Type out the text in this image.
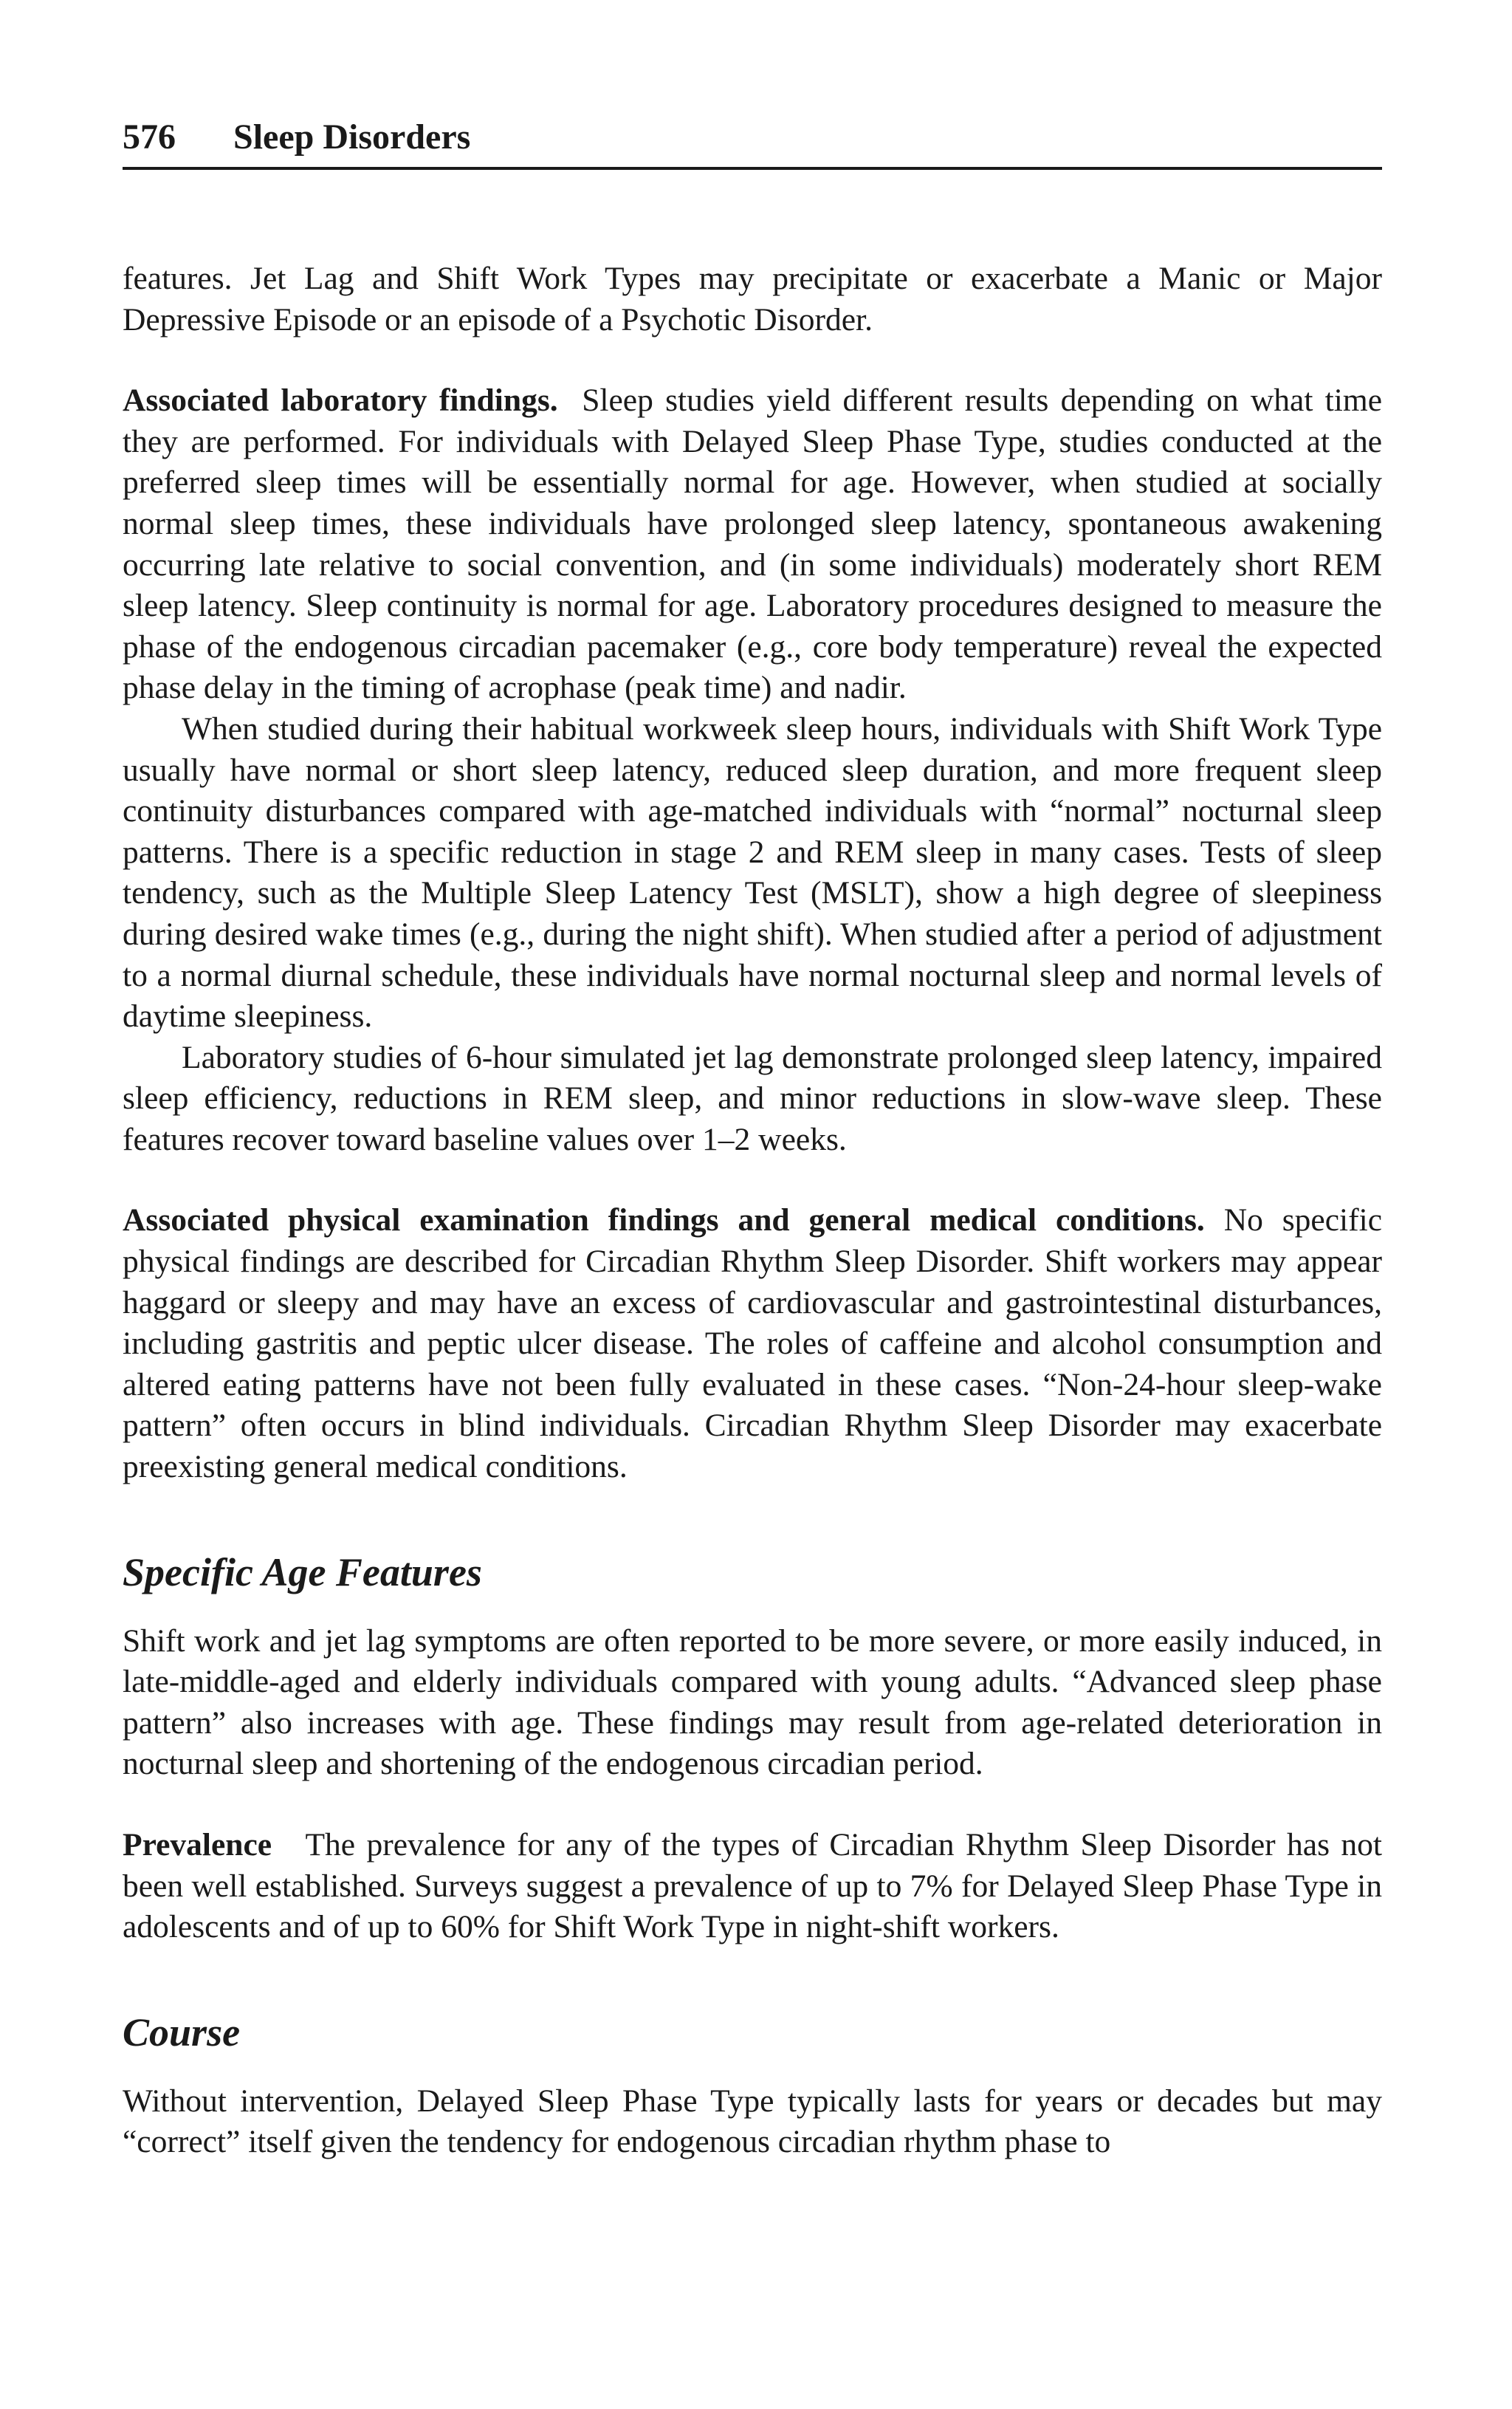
576 Sleep Disorders

features. Jet Lag and Shift Work Types may precipitate or exacerbate a Manic or Major Depressive Episode or an episode of a Psychotic Disorder.

Associated laboratory findings. Sleep studies yield different results depending on what time they are performed. For individuals with Delayed Sleep Phase Type, studies conducted at the preferred sleep times will be essentially normal for age. However, when studied at socially normal sleep times, these individuals have prolonged sleep latency, spontaneous awakening occurring late relative to social convention, and (in some individuals) moderately short REM sleep latency. Sleep continuity is normal for age. Laboratory procedures designed to measure the phase of the endogenous circadian pacemaker (e.g., core body temperature) reveal the expected phase delay in the timing of acrophase (peak time) and nadir.

When studied during their habitual workweek sleep hours, individuals with Shift Work Type usually have normal or short sleep latency, reduced sleep duration, and more frequent sleep continuity disturbances compared with age-matched individuals with “normal” nocturnal sleep patterns. There is a specific reduction in stage 2 and REM sleep in many cases. Tests of sleep tendency, such as the Multiple Sleep Latency Test (MSLT), show a high degree of sleepiness during desired wake times (e.g., during the night shift). When studied after a period of adjustment to a normal diurnal schedule, these individuals have normal nocturnal sleep and normal levels of daytime sleepiness.

Laboratory studies of 6-hour simulated jet lag demonstrate prolonged sleep latency, impaired sleep efficiency, reductions in REM sleep, and minor reductions in slow-wave sleep. These features recover toward baseline values over 1–2 weeks.

Associated physical examination findings and general medical conditions. No specific physical findings are described for Circadian Rhythm Sleep Disorder. Shift workers may appear haggard or sleepy and may have an excess of cardiovascular and gastrointestinal disturbances, including gastritis and peptic ulcer disease. The roles of caffeine and alcohol consumption and altered eating patterns have not been fully evaluated in these cases. “Non-24-hour sleep-wake pattern” often occurs in blind individuals. Circadian Rhythm Sleep Disorder may exacerbate preexisting general medical conditions.

Specific Age Features

Shift work and jet lag symptoms are often reported to be more severe, or more easily induced, in late-middle-aged and elderly individuals compared with young adults. “Advanced sleep phase pattern” also increases with age. These findings may result from age-related deterioration in nocturnal sleep and shortening of the endogenous circadian period.

Prevalence The prevalence for any of the types of Circadian Rhythm Sleep Disorder has not been well established. Surveys suggest a prevalence of up to 7% for Delayed Sleep Phase Type in adolescents and of up to 60% for Shift Work Type in night-shift workers.

Course

Without intervention, Delayed Sleep Phase Type typically lasts for years or decades but may “correct” itself given the tendency for endogenous circadian rhythm phase to
